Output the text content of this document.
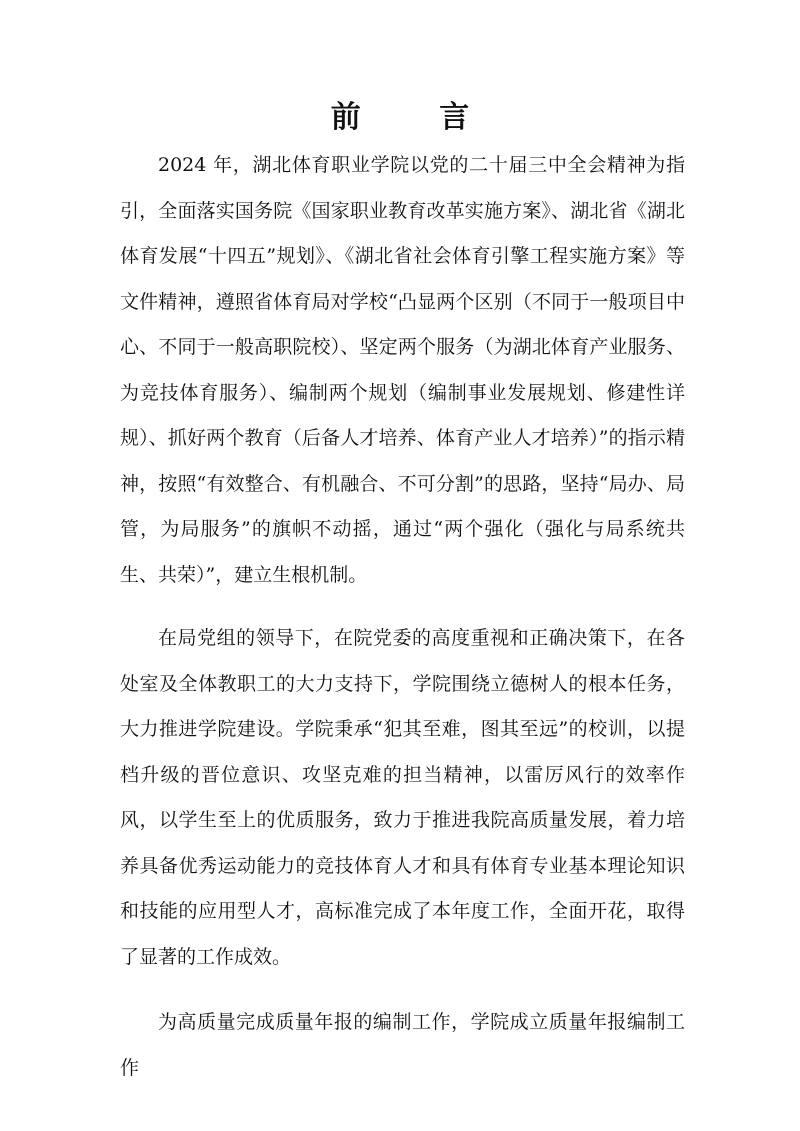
前 言

2024 年，湖北体育职业学院以党的二十届三中全会精神为指引，全面落实国务院《国家职业教育改革实施方案》、湖北省《湖北体育发展“十四五”规划》、《湖北省社会体育引擎工程实施方案》等文件精神，遵照省体育局对学校“凸显两个区别（不同于一般项目中心、不同于一般高职院校）、坚定两个服务（为湖北体育产业服务、为竞技体育服务）、编制两个规划（编制事业发展规划、修建性详规）、抓好两个教育（后备人才培养、体育产业人才培养）”的指示精神，按照“有效整合、有机融合、不可分割”的思路，坚持“局办、局管，为局服务”的旗帜不动摇，通过“两个强化（强化与局系统共生、共荣）”，建立生根机制。

在局党组的领导下，在院党委的高度重视和正确决策下，在各处室及全体教职工的大力支持下，学院围绕立德树人的根本任务，大力推进学院建设。学院秉承“犯其至难，图其至远”的校训，以提档升级的晋位意识、攻坚克难的担当精神，以雷厉风行的效率作风，以学生至上的优质服务，致力于推进我院高质量发展，着力培养具备优秀运动能力的竞技体育人才和具有体育专业基本理论知识和技能的应用型人才，高标准完成了本年度工作，全面开花，取得了显著的工作成效。

为高质量完成质量年报的编制工作，学院成立质量年报编制工作
